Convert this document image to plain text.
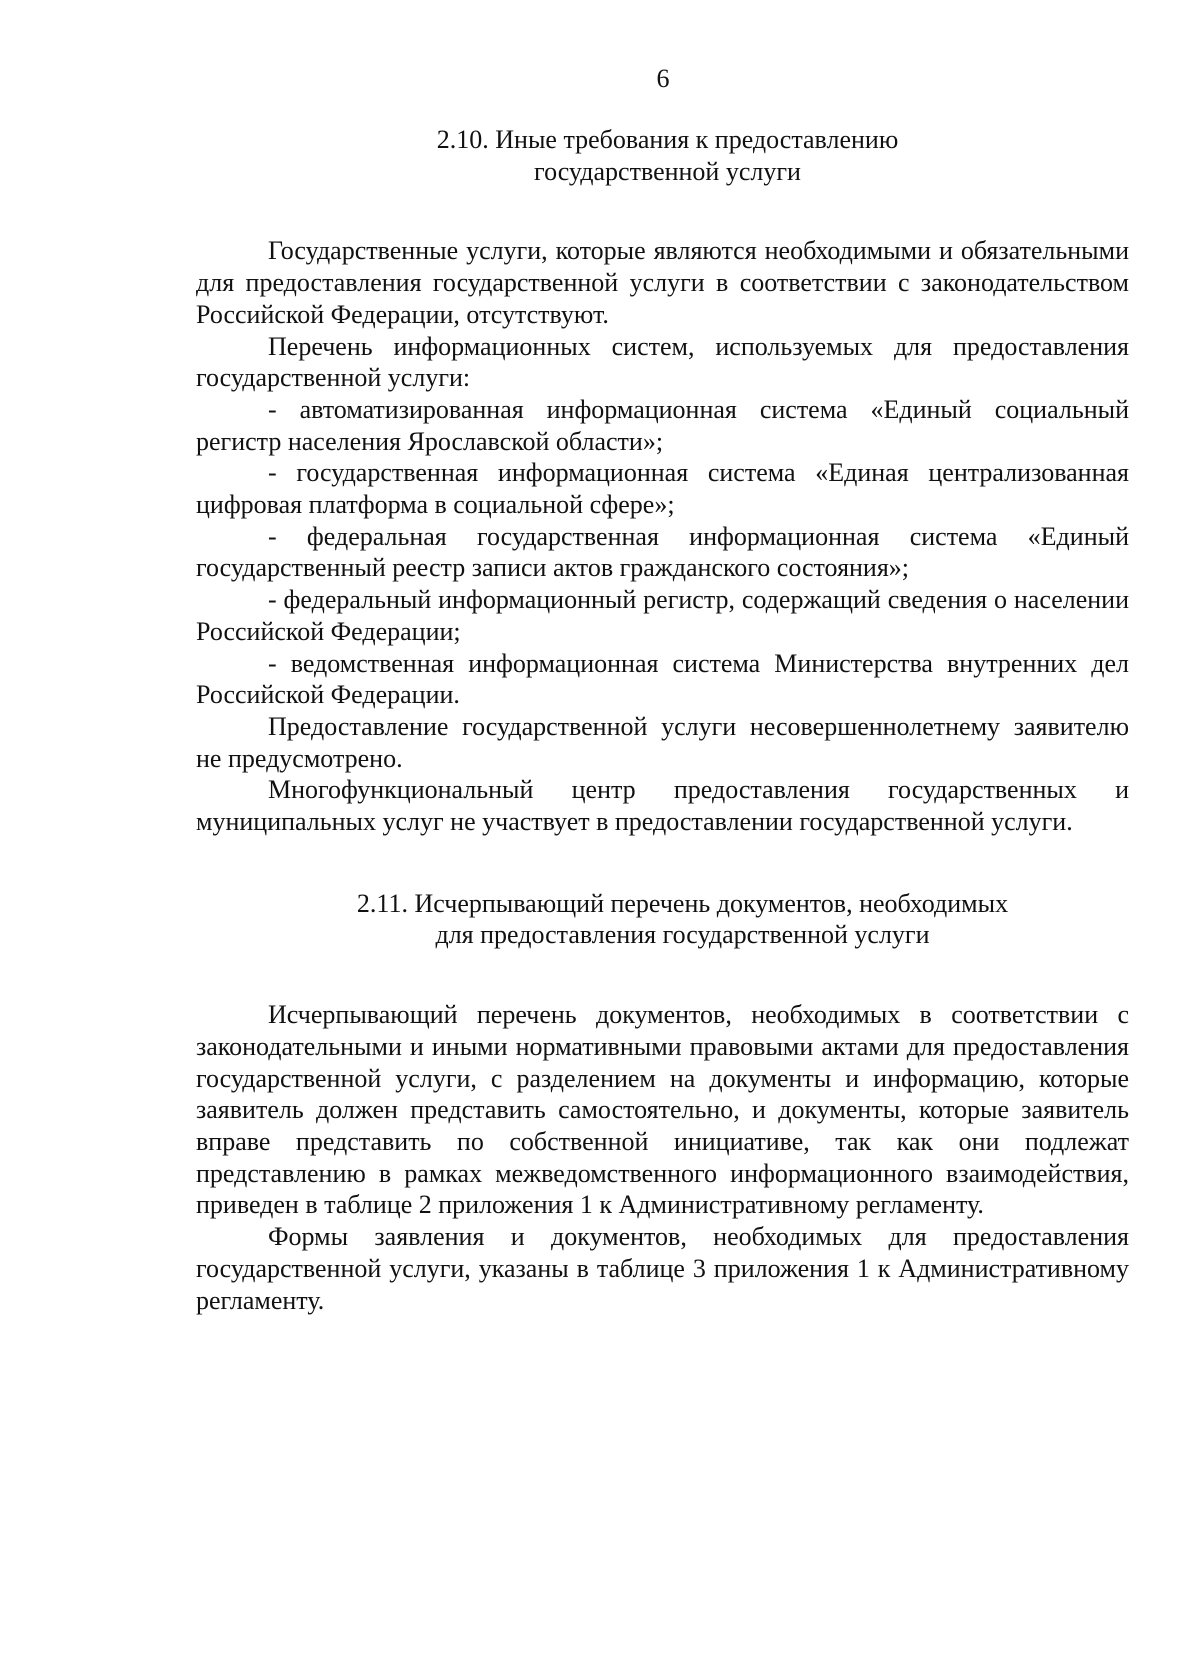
6
2.10. Иные требования к предоставлению
государственной услуги

Государственные услуги, которые являются необходимыми и обязательными для предоставления государственной услуги в соответствии с законодательством Российской Федерации, отсутствуют.

Перечень информационных систем, используемых для предоставления государственной услуги:

- автоматизированная информационная система «Единый социальный регистр населения Ярославской области»;

- государственная информационная система «Единая централизованная цифровая платформа в социальной сфере»;

- федеральная государственная информационная система «Единый государственный реестр записи актов гражданского состояния»;

- федеральный информационный регистр, содержащий сведения о населении Российской Федерации;

- ведомственная информационная система Министерства внутренних дел Российской Федерации.

Предоставление государственной услуги несовершеннолетнему заявителю не предусмотрено.

Многофункциональный центр предоставления государственных и муниципальных услуг не участвует в предоставлении государственной услуги.

2.11. Исчерпывающий перечень документов, необходимых
для предоставления государственной услуги

Исчерпывающий перечень документов, необходимых в соответствии с законодательными и иными нормативными правовыми актами для предоставления государственной услуги, с разделением на документы и информацию, которые заявитель должен представить самостоятельно, и документы, которые заявитель вправе представить по собственной инициативе, так как они подлежат представлению в рамках межведомственного информационного взаимодействия, приведен в таблице 2 приложения 1 к Административному регламенту.

Формы заявления и документов, необходимых для предоставления государственной услуги, указаны в таблице 3 приложения 1 к Административному регламенту.
